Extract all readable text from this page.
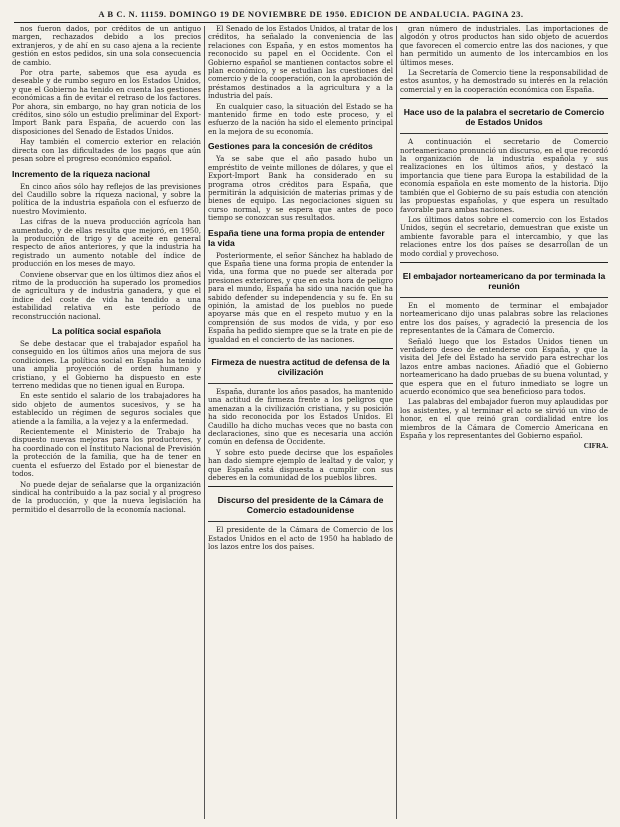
A B C. N. 11159. DOMINGO 19 DE NOVIEMBRE DE 1950. EDICION DE ANDALUCIA. PAGINA 23.

nos fueron dados, por créditos de un antiguo margen, rechazados debido a los precios extranjeros, y de ahí en su caso ajena a la reciente gestión en estos pedidos, sin una sola consecuencia de cambio.

Por otra parte, sabemos que esa ayuda es deseable y de rumbo seguro en los Estados Unidos, y que el Gobierno ha tenido en cuenta las gestiones económicas a fin de evitar el retraso de los factores. Por ahora, sin embargo, no hay gran noticia de los créditos, sino sólo un estudio preliminar del Export-Import Bank para España, de acuerdo con las disposiciones del Senado de Estados Unidos.

Hay también el comercio exterior en relación directa con las dificultades de los pagos que aún pesan sobre el progreso económico español.

Incremento de la riqueza nacional

En cinco años sólo hay reflejos de las previsiones del Caudillo sobre la riqueza nacional, y sobre la política de la industria española con el esfuerzo de nuestro Movimiento.

Las cifras de la nueva producción agrícola han aumentado, y de ellas resulta que mejoró, en 1950, la producción de trigo y de aceite en general respecto de años anteriores, y que la industria ha registrado un aumento notable del índice de producción en los meses de mayo.

Conviene observar que en los últimos diez años el ritmo de la producción ha superado los promedios de agricultura y de industria ganadera, y que el índice del coste de vida ha tendido a una estabilidad relativa en este período de reconstrucción nacional.

La política social española

Se debe destacar que el trabajador español ha conseguido en los últimos años una mejora de sus condiciones. La política social en España ha tenido una amplia proyección de orden humano y cristiano, y el Gobierno ha dispuesto en este terreno medidas que no tienen igual en Europa.

En este sentido el salario de los trabajadores ha sido objeto de aumentos sucesivos, y se ha establecido un régimen de seguros sociales que atiende a la familia, a la vejez y a la enfermedad.

Recientemente el Ministerio de Trabajo ha dispuesto nuevas mejoras para los productores, y ha coordinado con el Instituto Nacional de Previsión la protección de la familia, que ha de tener en cuenta el esfuerzo del Estado por el bienestar de todos.

No puede dejar de señalarse que la organización sindical ha contribuido a la paz social y al progreso de la producción, y que la nueva legislación ha permitido el desarrollo de la economía nacional.

El Senado de los Estados Unidos, al tratar de los créditos, ha señalado la conveniencia de las relaciones con España, y en estos momentos ha reconocido su papel en el Occidente. Con el Gobierno español se mantienen contactos sobre el plan económico, y se estudian las cuestiones del comercio y de la cooperación, con la aprobación de préstamos destinados a la agricultura y a la industria del país.

En cualquier caso, la situación del Estado se ha mantenido firme en todo este proceso, y el esfuerzo de la nación ha sido el elemento principal en la mejora de su economía.

Gestiones para la concesión de créditos

Ya se sabe que el año pasado hubo un empréstito de veinte millones de dólares, y que el Export-Import Bank ha considerado en su programa otros créditos para España, que permitirán la adquisición de materias primas y de bienes de equipo. Las negociaciones siguen su curso normal, y se espera que antes de poco tiempo se conozcan sus resultados.

España tiene una forma propia de entender la vida

Posteriormente, el señor Sánchez ha hablado de que España tiene una forma propia de entender la vida, una forma que no puede ser alterada por presiones exteriores, y que en esta hora de peligro para el mundo, España ha sido una nación que ha sabido defender su independencia y su fe. En su opinión, la amistad de los pueblos no puede apoyarse más que en el respeto mutuo y en la comprensión de sus modos de vida, y por eso España ha pedido siempre que se la trate en pie de igualdad en el concierto de las naciones.

Firmeza de nuestra actitud de defensa de la civilización

España, durante los años pasados, ha mantenido una actitud de firmeza frente a los peligros que amenazan a la civilización cristiana, y su posición ha sido reconocida por los Estados Unidos. El Caudillo ha dicho muchas veces que no basta con declaraciones, sino que es necesaria una acción común en defensa de Occidente.

Y sobre esto puede decirse que los españoles han dado siempre ejemplo de lealtad y de valor, y que España está dispuesta a cumplir con sus deberes en la comunidad de los pueblos libres.

Discurso del presidente de la Cámara de Comercio estadounidense

El presidente de la Cámara de Comercio de los Estados Unidos en el acto de 1950 ha hablado de los lazos entre los dos países.

gran número de industriales. Las importaciones de algodón y otros productos han sido objeto de acuerdos que favorecen el comercio entre las dos naciones, y que han permitido un aumento de los intercambios en los últimos meses.

La Secretaría de Comercio tiene la responsabilidad de estos asuntos, y ha demostrado su interés en la relación comercial y en la cooperación económica con España.

Hace uso de la palabra el secretario de Comercio de Estados Unidos

A continuación el secretario de Comercio norteamericano pronunció un discurso, en el que recordó la organización de la industria española y sus realizaciones en los últimos años, y destacó la importancia que tiene para Europa la estabilidad de la economía española en este momento de la historia. Dijo también que el Gobierno de su país estudia con atención las propuestas españolas, y que espera un resultado favorable para ambas naciones.

Los últimos datos sobre el comercio con los Estados Unidos, según el secretario, demuestran que existe un ambiente favorable para el intercambio, y que las relaciones entre los dos países se desarrollan de un modo cordial y provechoso.

El embajador norteamericano da por terminada la reunión

En el momento de terminar el embajador norteamericano dijo unas palabras sobre las relaciones entre los dos países, y agradeció la presencia de los representantes de la Cámara de Comercio.

Señaló luego que los Estados Unidos tienen un verdadero deseo de entenderse con España, y que la visita del Jefe del Estado ha servido para estrechar los lazos entre ambas naciones. Añadió que el Gobierno norteamericano ha dado pruebas de su buena voluntad, y que espera que en el futuro inmediato se logre un acuerdo económico que sea beneficioso para todos.

Las palabras del embajador fueron muy aplaudidas por los asistentes, y al terminar el acto se sirvió un vino de honor, en el que reinó gran cordialidad entre los miembros de la Cámara de Comercio Americana en España y los representantes del Gobierno español.

CIFRA.
